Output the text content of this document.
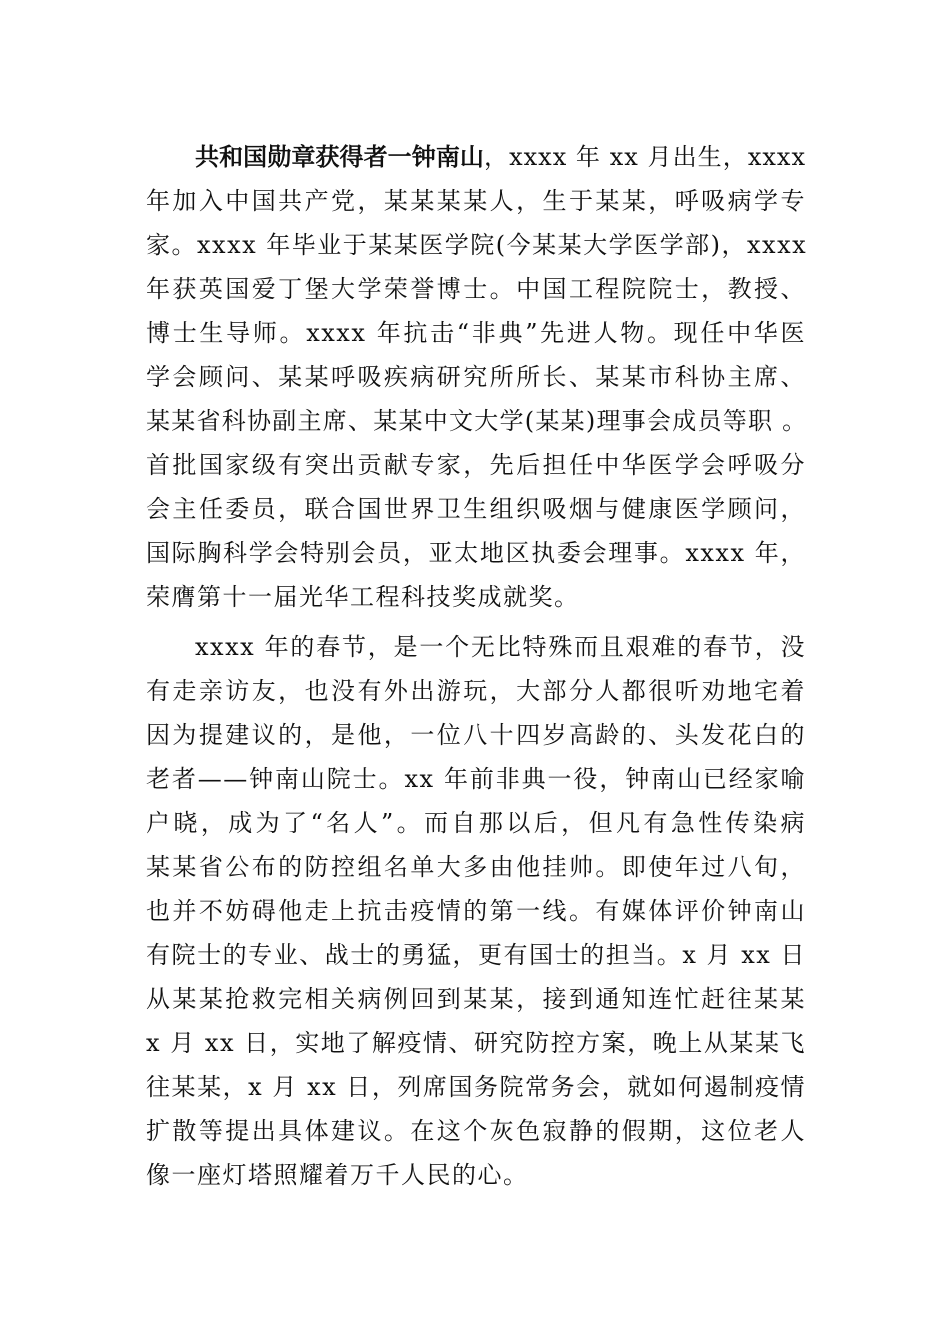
共和国勋章获得者一钟南山，xxxx 年 xx 月出生，xxxx
年加入中国共产党，某某某某人，生于某某，呼吸病学专
家。xxxx 年毕业于某某医学院(今某某大学医学部)，xxxx
年获英国爱丁堡大学荣誉博士。中国工程院院士，教授、
博士生导师。xxxx 年抗击“非典”先进人物。现任中华医
学会顾问、某某呼吸疾病研究所所长、某某市科协主席、
某某省科协副主席、某某中文大学(某某)理事会成员等职 。
首批国家级有突出贡献专家，先后担任中华医学会呼吸分
会主任委员，联合国世界卫生组织吸烟与健康医学顾问，
国际胸科学会特别会员，亚太地区执委会理事。xxxx 年，
荣膺第十一届光华工程科技奖成就奖。
xxxx 年的春节，是一个无比特殊而且艰难的春节，没
有走亲访友，也没有外出游玩，大部分人都很听劝地宅着
因为提建议的，是他，一位八十四岁高龄的、头发花白的
老者——钟南山院士。xx 年前非典一役，钟南山已经家喻
户晓，成为了“名人”。而自那以后，但凡有急性传染病
某某省公布的防控组名单大多由他挂帅。即使年过八旬，
也并不妨碍他走上抗击疫情的第一线。有媒体评价钟南山
有院士的专业、战士的勇猛，更有国士的担当。x 月 xx 日
从某某抢救完相关病例回到某某，接到通知连忙赶往某某
x 月 xx 日，实地了解疫情、研究防控方案，晚上从某某飞
往某某，x 月 xx 日，列席国务院常务会，就如何遏制疫情
扩散等提出具体建议。在这个灰色寂静的假期，这位老人
像一座灯塔照耀着万千人民的心。
